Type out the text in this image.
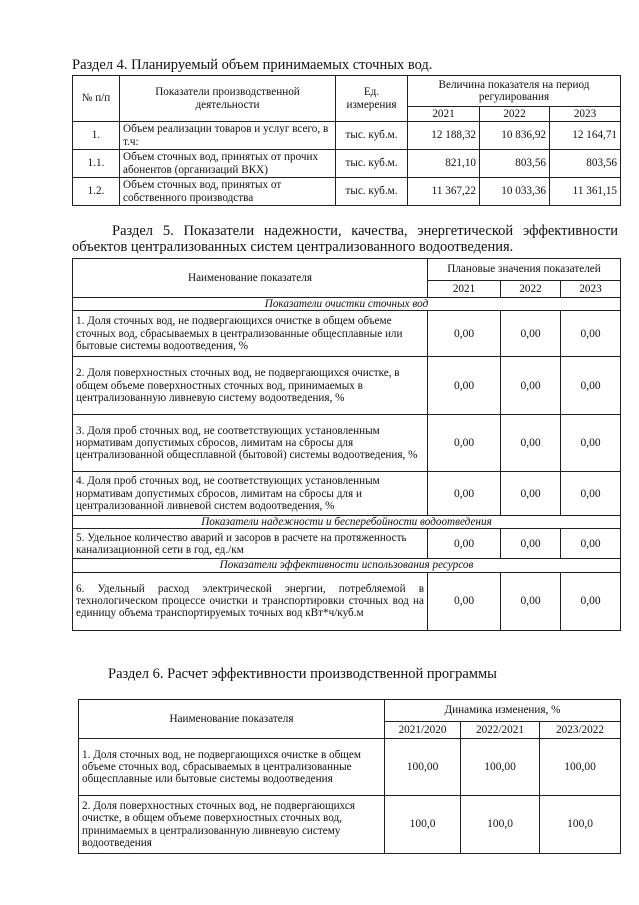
Раздел 4. Планируемый объем принимаемых сточных вод.
№ п/п	Показатели производственной деятельности	Ед. измерения	Величина показателя на период регулирования		
			2021	2022	2023
1.	Объем реализации товаров и услуг всего, в т.ч:	тыс. куб.м.	12 188,32	10 836,92	12 164,71
1.1.	Объем сточных вод, принятых от прочих абонентов (организаций ВКХ)	тыс. куб.м.	821,10	803,56	803,56
1.2.	Объем сточных вод, принятых от собственного производства	тыс. куб.м.	11 367,22	10 033,36	11 361,15
Раздел 5. Показатели надежности, качества, энергетической эффективности объектов централизованных систем централизованного водоотведения.
Наименование показателя	Плановые значения показателей		
	2021	2022	2023
Показатели очистки сточных вод			
1. Доля сточных вод, не подвергающихся очистке в общем объеме сточных вод, сбрасываемых в централизованные общесплавные или бытовые системы водоотведения, %	0,00	0,00	0,00
2. Доля поверхностных сточных вод, не подвергающихся очистке, в общем объеме поверхностных сточных вод, принимаемых в централизованную ливневую систему водоотведения, %	0,00	0,00	0,00
3. Доля проб сточных вод, не соответствующих установленным нормативам допустимых сбросов, лимитам на сбросы для централизованной общесплавной (бытовой) системы водоотведения, %	0,00	0,00	0,00
4. Доля проб сточных вод, не соответствующих установленным нормативам допустимых сбросов, лимитам на сбросы для и централизованной ливневой систем водоотведения, %	0,00	0,00	0,00
Показатели надежности и бесперебойности водоотведения			
5. Удельное количество аварий и засоров в расчете на протяженность канализационной сети в год, ед./км	0,00	0,00	0,00
Показатели эффективности использования ресурсов			
6. Удельный расход электрической энергии, потребляемой в технологическом процессе очистки и транспортировки сточных вод на единицу объема транспортируемых точных вод кВт*ч/куб.м	0,00	0,00	0,00
Раздел 6. Расчет эффективности производственной программы
Наименование показателя	Динамика изменения, %		
	2021/2020	2022/2021	2023/2022
1. Доля сточных вод, не подвергающихся очистке в общем объеме сточных вод, сбрасываемых в централизованные общесплавные или бытовые системы водоотведения	100,00	100,00	100,00
2. Доля поверхностных сточных вод, не подвергающихся очистке, в общем объеме поверхностных сточных вод, принимаемых в централизованную ливневую систему водоотведения	100,0	100,0	100,0
